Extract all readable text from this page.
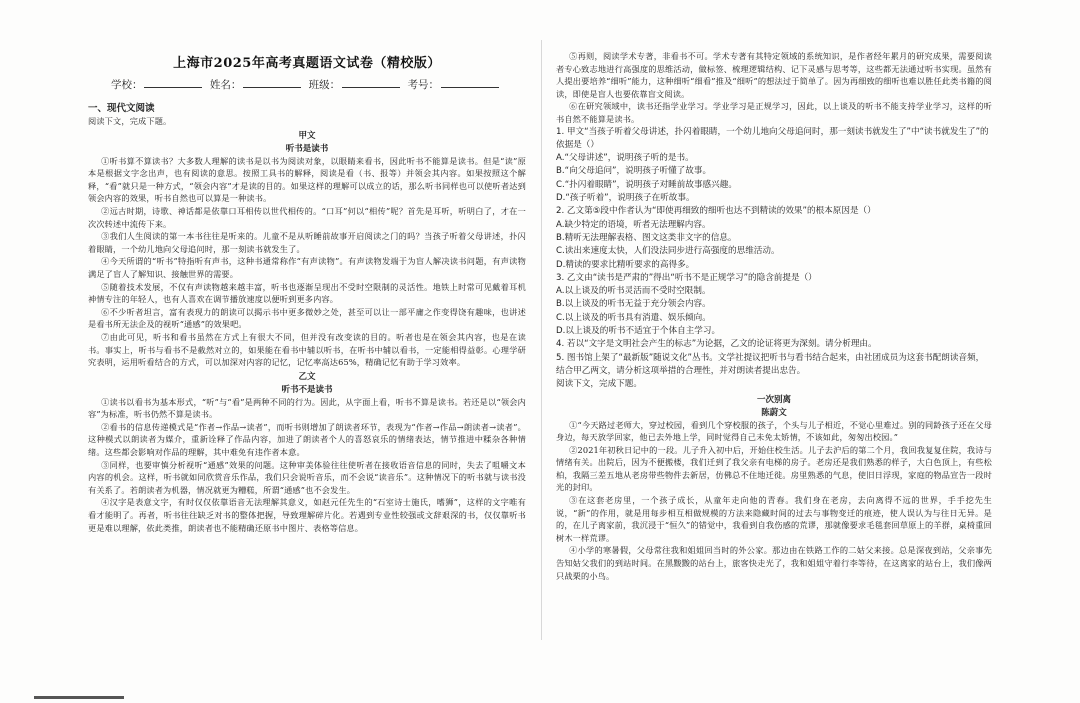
上海市2025年高考真题语文试卷（精校版）
学校：	姓名：	班级：	考号：
一、现代文阅读

阅读下文，完成下题。

甲文
听书是读书

①听书算不算读书？大多数人理解的读书是以书为阅读对象，以眼睛来看书，因此听书不能算是读书。但是“读”原本是根据文字念出声，也有阅读的意思。按照工具书的解释，阅读是看（书、报等）并领会其内容。如果按照这个解释，“看”就只是一种方式，“领会内容”才是读的目的。如果这样的理解可以成立的话，那么听书同样也可以使听者达到领会内容的效果，听书自然也可以算是一种读书。

②远古时期，诗歌、神话都是依靠口耳相传以世代相传的。“口耳”何以“相传”呢？首先是耳听，听明白了，才在一次次转述中流传下来。

③我们人生阅读的第一本书往往是听来的。儿童不是从听睡前故事开启阅读之门的吗？当孩子听着父母讲述，扑闪着眼睛，一个幼儿地向父母追问时，那一刻读书就发生了。

④今天所谓的“听书”特指听有声书，这种书通常称作“有声读物”。有声读物发端于为盲人解决读书问题，有声读物满足了盲人了解知识、接触世界的需要。

⑤随着技术发展，不仅有声读物越来越丰富，听书也逐渐呈现出不受时空限制的灵活性。地铁上时常可见戴着耳机神情专注的年轻人，也有人喜欢在调节播放速度以便听到更多内容。

⑥不少听者坦言，富有表现力的朗读可以揭示书中更多微妙之处，甚至可以让一部平庸之作变得饶有趣味，也讲述是看书所无法企及的视听“通感”的效果吧。

⑦由此可见，听书和看书虽然在方式上有很大不同，但并没有改变读的目的。听者也是在领会其内容，也是在读书。事实上，听书与看书不是截然对立的，如果能在看书中辅以听书，在听书中辅以看书，一定能相得益彰。心理学研究表明，运用听看结合的方式，可以加深对内容的记忆，记忆率高达65%，精确记忆有助于学习效率。

乙文
听书不是读书

①读书以看书为基本形式，“听”与“看”是两种不同的行为。因此，从字面上看，听书不算是读书。若还是以“领会内容”为标准，听书仍然不算是读书。

②看书的信息传递模式是“作者→作品→读者”，而听书则增加了朗读者环节，表现为“作者→作品→朗读者→读者”。这种模式以朗读者为媒介，重新诠释了作品内容，加进了朗读者个人的喜怒哀乐的情绪表达，情节推进中糅杂各种情绪。这些都会影响对作品的理解，其中难免有违作者本意。

③同样，也要审慎分析视听“通感”效果的问题。这种审美体验往往使听者在接收语音信息的同时，失去了咀嚼文本内容的机会。这样，听书就如同欣赏音乐作品，我们只会说听音乐，而不会说“读音乐”。这种情况下的听书就与读书没有关系了。若朗读者为机器，情况就更为糟糕，所谓“通感”也不会发生。

④汉字是表意文字，有时仅仅依靠语音无法理解其意义，如赵元任先生的“石室诗士施氏，嗜狮”，这样的文字唯有看才能明了。再者，听书往往缺乏对书的整体把握，导致理解碎片化。若遇到专业性较强或文辞艰深的书，仅仅靠听书更是难以理解，依此类推，朗读者也不能精确还原书中图片、表格等信息。

⑤再则，阅读学术专著，非看书不可。学术专著有其特定领域的系统知识，是作者经年累月的研究成果，需要阅读者专心致志地进行高强度的思维活动，做标签、梳理逻辑结构、记下灵感与思考等，这些都无法通过听书实现。虽然有人提出要培养“细听”能力，这种细听“细看”推及“细听”的想法过于简单了。因为再细致的细听也难以胜任此类书籍的阅读，即使是盲人也要依靠盲文阅读。

⑥在研究领域中，读书还指学业学习。学业学习是正规学习，因此，以上谈及的听书不能支持学业学习，这样的听书自然不能算是读书。

1. 甲文“当孩子听着父母讲述，扑闪着眼睛，一个幼儿地向父母追问时，那一刻读书就发生了”中“读书就发生了”的依据是（）

A.“父母讲述”，说明孩子听的是书。

B.“向父母追问”，说明孩子听懂了故事。

C.“扑闪着眼睛”，说明孩子对睡前故事感兴趣。

D.“孩子听着”，说明孩子在听故事。

2. 乙文第⑤段中作者认为“即使再细致的细听也达不到精读的效果”的根本原因是（）

A.缺少特定的语境，听者无法理解内容。

B.精听无法理解表格、图文这类非文字的信息。

C.读出来速度太快，人们没法同步进行高强度的思维活动。

D.精读的要求比精听要求的高得多。

3. 乙文由“读书是严肃的”得出“听书不是正规学习”的隐含前提是（）

A.以上谈及的听书灵活而不受时空限制。

B.以上谈及的听书无益于充分领会内容。

C.以上谈及的听书具有消遣、娱乐倾向。

D.以上谈及的听书不适宜于个体自主学习。

4. 若以“文字是文明社会产生的标志”为论据，乙文的论证将更为深刻。请分析理由。

5. 图书馆上架了“最新版”随说文化”丛书。文学社提议把听书与看书结合起来，由社团成员为这套书配朗读音频，结合甲乙两文，请分析这项举措的合理性，并对朗读者提出忠告。

阅读下文，完成下题。

一次别离
陈蔚文

①“今天路过老师大，穿过校园，看到几个穿校服的孩子，个头与儿子相近，不觉心里难过。别的同龄孩子还在父母身边，每天放学回家，他已去外地上学，同时觉得自己未免太矫情，不该如此，匆匆出校园。”

②2021年初秋日记中的一段。儿子升入初中后，开始住校生活。儿子去沪后的第二个月，我回我复复住院，我诗与情绪有关。出院后，因为不便搬楼，我们迁到了我父亲有电梯的房子。老房还是我们熟悉的样子，大白色顶上，有些松柏，我隔三差五地从老房带些物件去新居，仿佛总不住地迁徙。房里熟悉的气息，使旧日浮现，家庭的物品宣告一段时光的封印。

③在这套老房里，一个孩子成长，从童年走向他的青春。我们身在老房，去向离得不远的世界，手手挖先生说，“新”的作用，就是用每步相互相做规模的方法来隐藏时间的过去与事物变迁的痕迹，使人误认为与往日无异。是的，在儿子离家前，我沉浸于“恒久”的错觉中，我看到自我伤感的荒谬，那就像要求毛毯套回草原上的羊群，桌椅重回树木一样荒谬。

④小学的寒暑假，父母常往我和姐姐回当时的外公家。那边由在铁路工作的二姑父来接。总是深夜到站，父亲事先告知姑父我们的到站时间。在黑黢黢的站台上，旅客快走光了，我和姐姐守着行李等待，在这离家的站台上，我们像两只战栗的小鸟。
